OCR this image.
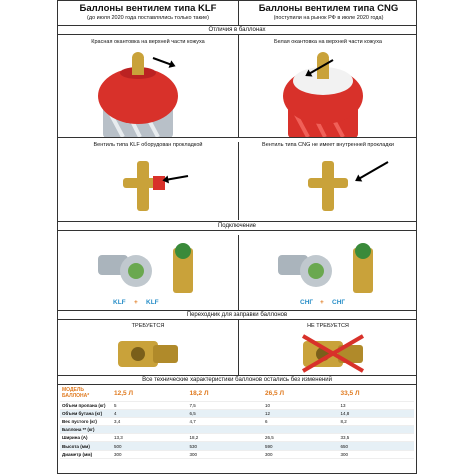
Баллоны вентилем типа KLF
(до июля 2020 года поставлялись только такие)
Баллоны вентилем типа CNG
(поступили на рынок РФ в июле 2020 года)
Отличия в баллонах
Красная окантовка на верхней части кожуха	Белая окантовка на верхней части кожуха
Вентиль типа KLF оборудован прокладкой	Вентиль типа CNG не имеет внутренней прокладки
Подключение
KLF + KLF	CHГ + CHГ
Переходник для заправки баллонов
ТРЕБУЕТСЯ	НЕ ТРЕБУЕТСЯ
Все технические характеристики баллонов остались без изменений
МОДЕЛЬ БАЛЛОНА*	12,5 Л	18,2 Л	26,5 Л	33,5 Л
Объем пропана (кг)	5	7,5	10	13
Объем бутана (кг)	4	6,5	12	14,8
Вес пустого (кг)	3,4	4,7	6	8,2
Баллона ** (кг)				
Ширина (А)	13,3	18,2	26,5	33,5
Высота (мм)	500	530	590	650
Диаметр (мм)	300	300	300	300
